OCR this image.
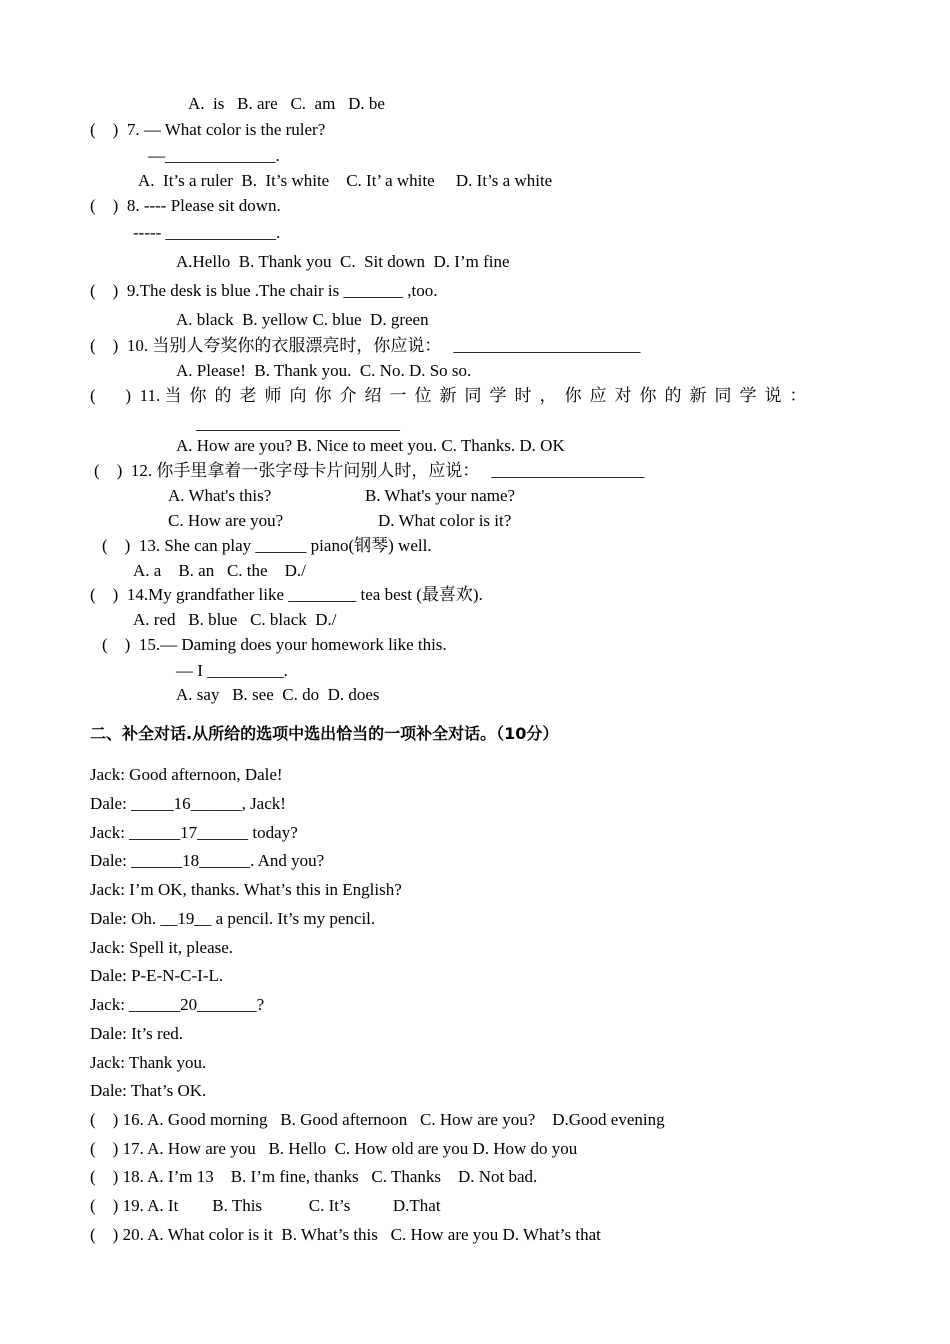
A.  is   B. are   C.  am   D. be
(    )  7. — What color is the ruler?
—_____________.
A.  It’s a ruler  B.  It’s white    C. It’ a white     D. It’s a white
(    )  8. ---- Please sit down.
----- _____________.
A.Hello  B. Thank you  C.  Sit down  D. I’m fine
(    )  9.The desk is blue .The chair is _______ ,too.
A. black  B. yellow C. blue  D. green
(    )  10. 当别人夸奖你的衣服漂亮时，你应说： ______________________
A. Please!  B. Thank you.  C. No. D. So so.
(       )  11. 当你的老师向你介绍一位新同学时，你应对你的新同学说：
________________________
A. How are you? B. Nice to meet you. C. Thanks. D. OK
(    )  12. 你手里拿着一张字母卡片问别人时，应说： __________________
A. What's this?	B. What's your name?
C. How are you?	D. What color is it?
(    )  13. She can play ______ piano(钢琴) well.
A. a    B. an   C. the    D./
(    )  14.My grandfather like ________ tea best (最喜欢).
A. red   B. blue   C. black  D./
(    )  15.— Daming does your homework like this.
— I _________.
A. say   B. see  C. do  D. does
二、补全对话.从所给的选项中选出恰当的一项补全对话。（10分）
Jack: Good afternoon, Dale!
Dale: _____16______, Jack!
Jack: ______17______ today?
Dale: ______18______. And you?
Jack: I’m OK, thanks. What’s this in English?
Dale: Oh. __19__ a pencil. It’s my pencil.
Jack: Spell it, please.
Dale: P-E-N-C-I-L.
Jack: ______20_______?
Dale: It’s red.
Jack: Thank you.
Dale: That’s OK.
(    ) 16. A. Good morning   B. Good afternoon   C. How are you?    D.Good evening
(    ) 17. A. How are you   B. Hello  C. How old are you D. How do you
(    ) 18. A. I’m 13    B. I’m fine, thanks   C. Thanks    D. Not bad.
(    ) 19. A. It        B. This           C. It’s          D.That
(    ) 20. A. What color is it  B. What’s this   C. How are you D. What’s that
